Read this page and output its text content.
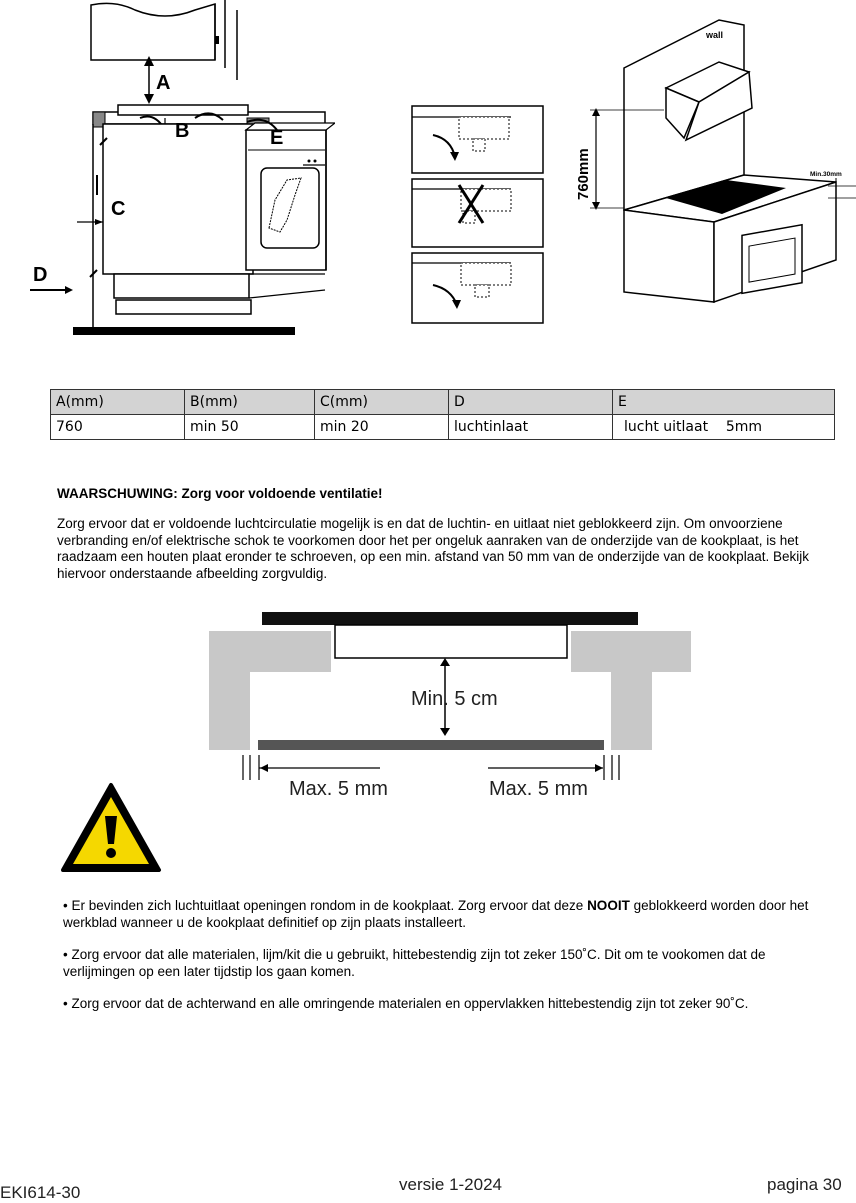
A
B	E
C
D
wall
760mm	Min.30mm
A(mm)	B(mm)	C(mm)	D	E
760	min 50	min 20	luchtinlaat	lucht uitlaat    5mm
WAARSCHUWING: Zorg voor voldoende ventilatie!
Zorg ervoor dat er voldoende luchtcirculatie mogelijk is en dat de luchtin- en uitlaat niet geblokkeerd zijn. Om onvoorziene verbranding en/of elektrische schok te voorkomen door het per ongeluk aanraken van de onderzijde van de kookplaat, is het raadzaam een houten plaat eronder te schroeven, op een min. afstand van 50 mm van de onderzijde van de kookplaat. Bekijk hiervoor onderstaande afbeelding zorgvuldig.
Min. 5 cm
Max. 5 mm	Max. 5 mm
• Er bevinden zich luchtuitlaat openingen rondom in de kookplaat. Zorg ervoor dat deze NOOIT geblokkeerd worden door het werkblad wanneer u de kookplaat definitief op zijn plaats installeert.
• Zorg ervoor dat alle materialen, lijm/kit die u gebruikt, hittebestendig zijn tot zeker 150˚C. Dit om te vookomen dat de verlijmingen op een later tijdstip los gaan komen.
• Zorg ervoor dat de achterwand en alle omringende materialen en oppervlakken hittebestendig zijn tot zeker 90˚C.
EKI614-30	versie 1-2024	pagina 30
